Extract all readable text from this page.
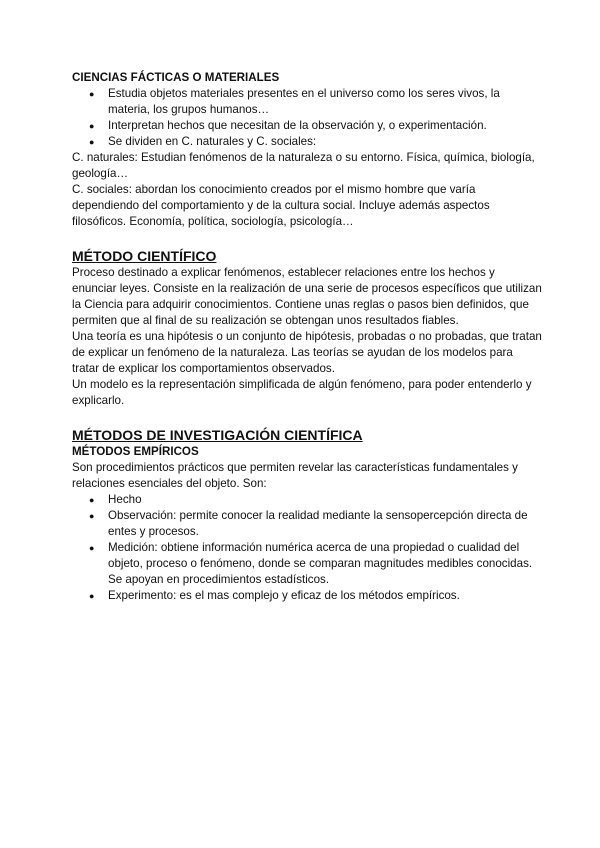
CIENCIAS FÁCTICAS O MATERIALES
● Estudia objetos materiales presentes en el universo como los seres vivos, la materia, los grupos humanos…
● Interpretan hechos que necesitan de la observación y, o experimentación.
● Se dividen en C. naturales y C. sociales:

C. naturales: Estudian fenómenos de la naturaleza o su entorno. Física, química, biología, geología…

C. sociales: abordan los conocimiento creados por el mismo hombre que varía dependiendo del comportamiento y de la cultura social. Incluye además aspectos filosóficos. Economía, política, sociología, psicología…

MÉTODO CIENTÍFICO

Proceso destinado a explicar fenómenos, establecer relaciones entre los hechos y enunciar leyes. Consiste en la realización de una serie de procesos específicos que utilizan la Ciencia para adquirir conocimientos. Contiene unas reglas o pasos bien definidos, que permiten que al final de su realización se obtengan unos resultados fiables.

Una teoría es una hipótesis o un conjunto de hipótesis, probadas o no probadas, que tratan de explicar un fenómeno de la naturaleza. Las teorías se ayudan de los modelos para tratar de explicar los comportamientos observados.

Un modelo es la representación simplificada de algún fenómeno, para poder entenderlo y explicarlo.

MÉTODOS DE INVESTIGACIÓN CIENTÍFICA
MÉTODOS EMPÍRICOS

Son procedimientos prácticos que permiten revelar las características fundamentales y relaciones esenciales del objeto. Son:

● Hecho
● Observación: permite conocer la realidad mediante la sensopercepción directa de entes y procesos.
● Medición: obtiene información numérica acerca de una propiedad o cualidad del objeto, proceso o fenómeno, donde se comparan magnitudes medibles conocidas. Se apoyan en procedimientos estadísticos.
● Experimento: es el mas complejo y eficaz de los métodos empíricos.
